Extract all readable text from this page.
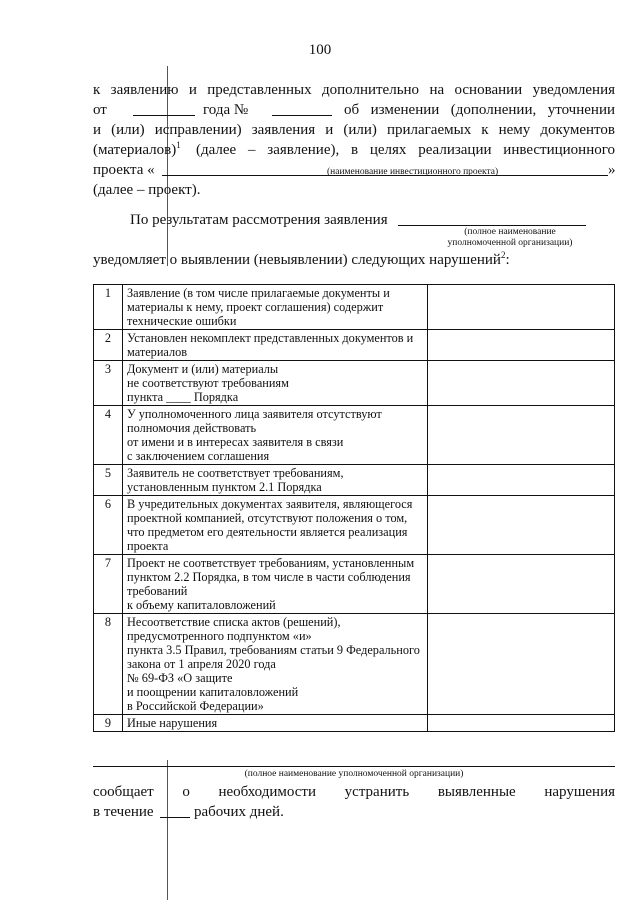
100
к заявлению и представленных дополнительно на основании уведомления
от	года №	об изменении (дополнении, уточнении
и (или) исправлении) заявления и (или) прилагаемых к нему документов
(материалов)$^1$ (далее – заявление), в целях реализации инвестиционного
проекта «	»
(наименование инвестиционного проекта)
(далее – проект).
По результатам рассмотрения заявления
(полное наименование
уполномоченной организации)
уведомляет о выявлении (невыявлении) следующих нарушений$^2$:
1	Заявление (в том числе прилагаемые документы и материалы к нему, проект соглашения) содержит технические ошибки	
2	Установлен некомплект представленных документов и материалов	
3	Документ и (или) материалы
не соответствуют требованиям
пункта ____ Порядка	
4	У уполномоченного лица заявителя отсутствуют полномочия действовать
от имени и в интересах заявителя в связи
с заключением соглашения	
5	Заявитель не соответствует требованиям, установленным пунктом 2.1 Порядка	
6	В учредительных документах заявителя, являющегося проектной компанией, отсутствуют положения о том, что предметом его деятельности является реализация проекта	
7	Проект не соответствует требованиям, установленным пунктом 2.2 Порядка, в том числе в части соблюдения требований
к объему капиталовложений	
8	Несоответствие списка актов (решений), предусмотренного подпунктом «и»
пункта 3.5 Правил, требованиям статьи 9 Федерального закона от 1 апреля 2020 года
№ 69-ФЗ «О защите
и поощрении капиталовложений
в Российской Федерации»	
9	Иные нарушения	
(полное наименование уполномоченной организации)
сообщает о необходимости устранить выявленные нарушения
в течение	рабочих дней.
